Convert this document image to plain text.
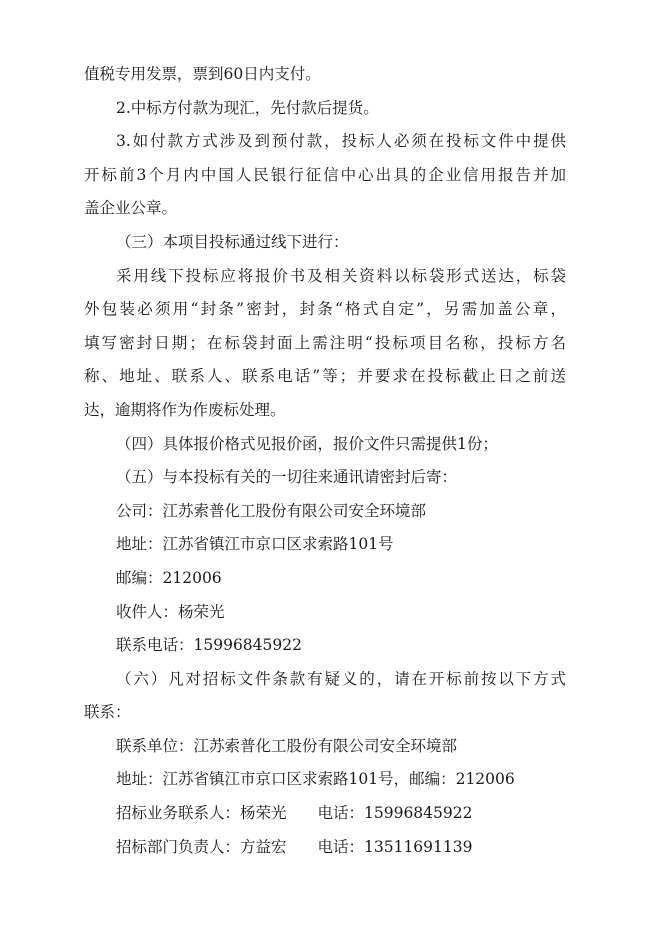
值税专用发票，票到60日内支付。
2.中标方付款为现汇，先付款后提货。
3.如付款方式涉及到预付款，投标人必须在投标文件中提供
开标前3个月内中国人民银行征信中心出具的企业信用报告并加
盖企业公章。
（三）本项目投标通过线下进行：
采用线下投标应将报价书及相关资料以标袋形式送达，标袋
外包装必须用“封条”密封，封条“格式自定”，另需加盖公章，
填写密封日期；在标袋封面上需注明“投标项目名称，投标方名
称、地址、联系人、联系电话”等；并要求在投标截止日之前送
达，逾期将作为作废标处理。
（四）具体报价格式见报价函，报价文件只需提供1份；
（五）与本投标有关的一切往来通讯请密封后寄：
公司：江苏索普化工股份有限公司安全环境部
地址：江苏省镇江市京口区求索路101号
邮编：212006
收件人：杨荣光
联系电话：15996845922
（六）凡对招标文件条款有疑义的，请在开标前按以下方式
联系：
联系单位：江苏索普化工股份有限公司安全环境部
地址：江苏省镇江市京口区求索路101号，邮编：212006
招标业务联系人：杨荣光　　电话：15996845922
招标部门负责人：方益宏　　电话：13511691139
